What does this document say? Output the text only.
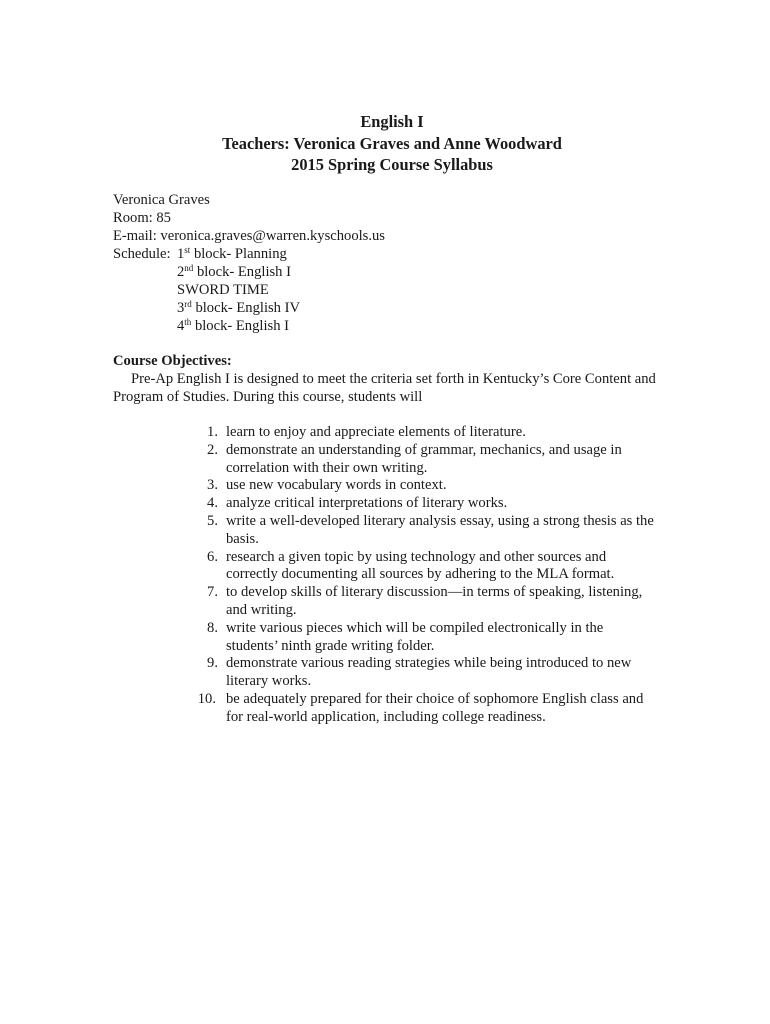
English I
Teachers: Veronica Graves and Anne Woodward
2015 Spring Course Syllabus
Veronica Graves
Room: 85
E-mail: veronica.graves@warren.kyschools.us
Schedule: 1st block- Planning
2nd block- English I
SWORD TIME
3rd block- English IV
4th block- English I
Course Objectives:
Pre-Ap English I is designed to meet the criteria set forth in Kentucky’s Core Content and Program of Studies. During this course, students will
1. learn to enjoy and appreciate elements of literature.
2. demonstrate an understanding of grammar, mechanics, and usage in correlation with their own writing.
3. use new vocabulary words in context.
4. analyze critical interpretations of literary works.
5. write a well-developed literary analysis essay, using a strong thesis as the basis.
6. research a given topic by using technology and other sources and correctly documenting all sources by adhering to the MLA format.
7. to develop skills of literary discussion—in terms of speaking, listening, and writing.
8. write various pieces which will be compiled electronically in the students’ ninth grade writing folder.
9. demonstrate various reading strategies while being introduced to new literary works.
10. be adequately prepared for their choice of sophomore English class and for real-world application, including college readiness.
